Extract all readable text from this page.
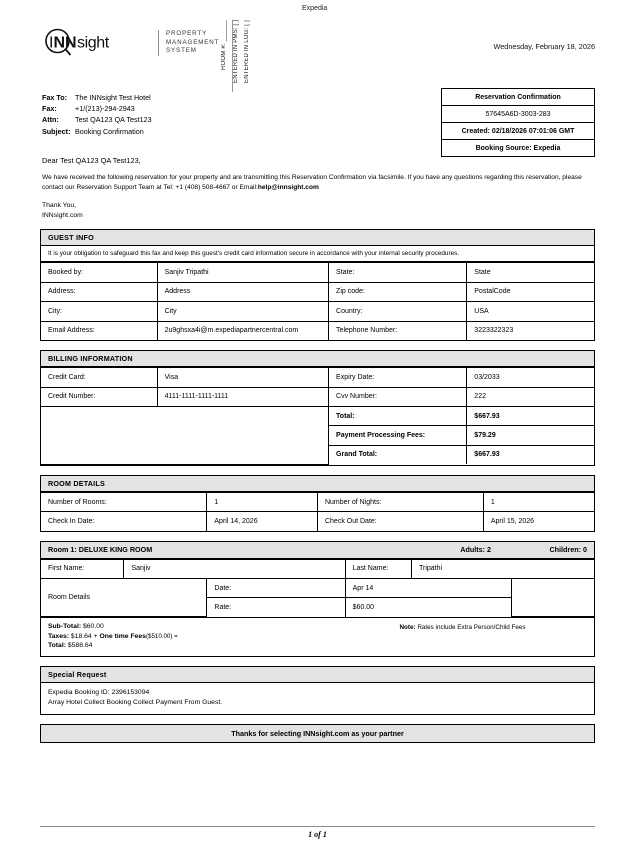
Expedia
ROOM #: ______	ENTERED IN PMS: [ ] ENTERED IN LOG: [ ]
I N N sight
PROPERTY
MANAGEMENT
SYSTEM	Wednesday, February 18, 2026
Fax To: The INNsight Test Hotel
Fax:	+1/(213)-294-2943
Attn: Test QA123 QA Test123
Subject: Booking Confirmation
Reservation Confirmation
57645A6D-3003-283
Created: 02/18/2026 07:01:06 GMT
Booking Source: Expedia
Dear Test QA123 QA Test123,
We have received the following reservation for your property and are transmitting this Reservation Confirmation via facsimile. If you have any questions regarding this reservation, please contact our Reservation Support Team at Tel: +1 (408) 508-4667 or Email:help@innsight.com
Thank You,
INNsight.com
GUEST INFO
It is your obligation to safeguard this fax and keep this guest's credit card information secure in accordance with your internal security procedures.
Booked by:	Sanjiv Tripathi	State:	State
Address:	Address	Zip code:	PostalCode
City:	City	Country:	USA
Email Address:	2u9ghsxa4i@m.expediapartnercentral.com	Telephone Number:	3223322323
BILLING INFORMATION
Credit Card:	Visa	Expiry Date:	03/2033
Credit Number:	4111-1111-1111-1111	Cvv Number:	222
		Total:	$667.93
		Payment Processing Fees:	$79.29
		Grand Total:	$667.93
ROOM DETAILS
Number of Rooms:	1	Number of Nights:	1
Check In Date:	April 14, 2026	Check Out Date:	April 15, 2026
Room 1: DELUXE KING ROOM	Adults: 2	Children: 0
First Name:	Sanjiv	Last Name:	Tripathi
Room Details	Date:	Apr 14	
	Rate:	$60.00	
Sub-Total: $60.00
Taxes: $18.64 + One time Fees($510.00) =
Total: $588.64
Note: Rates include Extra Person/Child Fees
Special Request
Expedia Booking ID: 2396153094
Array Hotel Collect Booking Collect Payment From Guest.
Thanks for selecting INNsight.com as your partner
1 of 1
